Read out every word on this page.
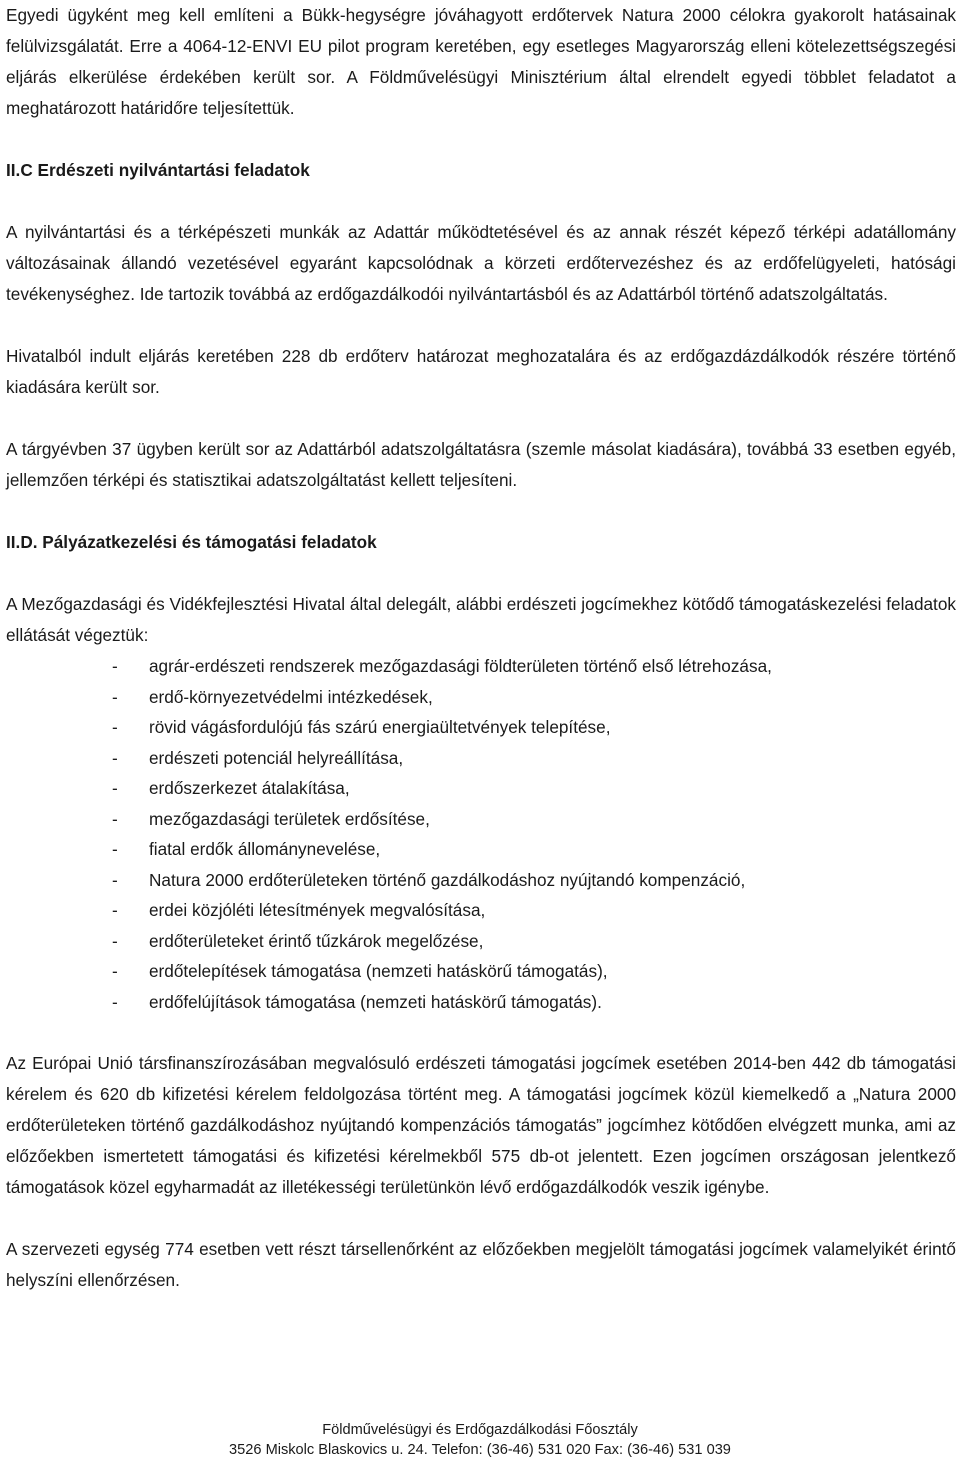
Egyedi ügyként meg kell említeni a Bükk-hegységre jóváhagyott erdőtervek Natura 2000 célokra gyakorolt hatásainak felülvizsgálatát. Erre a 4064-12-ENVI EU pilot program keretében, egy esetleges Magyarország elleni kötelezettségszegési eljárás elkerülése érdekében került sor. A Földművelésügyi Minisztérium által elrendelt egyedi többlet feladatot a meghatározott határidőre teljesítettük.

II.C Erdészeti nyilvántartási feladatok

A nyilvántartási és a térképészeti munkák az Adattár működtetésével és az annak részét képező térképi adatállomány változásainak állandó vezetésével egyaránt kapcsolódnak a körzeti erdőtervezéshez és az erdőfelügyeleti, hatósági tevékenységhez. Ide tartozik továbbá az erdőgazdálkodói nyilvántartásból és az Adattárból történő adatszolgáltatás.

Hivatalból indult eljárás keretében 228 db erdőterv határozat meghozatalára és az erdőgazdázdálkodók részére történő kiadására került sor.

A tárgyévben 37 ügyben került sor az Adattárból adatszolgáltatásra (szemle másolat kiadására), továbbá 33 esetben egyéb, jellemzően térképi és statisztikai adatszolgáltatást kellett teljesíteni.

II.D. Pályázatkezelési és támogatási feladatok

A Mezőgazdasági és Vidékfejlesztési Hivatal által delegált, alábbi erdészeti jogcímekhez kötődő támogatáskezelési feladatok ellátását végeztük:

- agrár-erdészeti rendszerek mezőgazdasági földterületen történő első létrehozása,
- erdő-környezetvédelmi intézkedések,
- rövid vágásfordulójú fás szárú energiaültetvények telepítése,
- erdészeti potenciál helyreállítása,
- erdőszerkezet átalakítása,
- mezőgazdasági területek erdősítése,
- fiatal erdők állománynevelése,
- Natura 2000 erdőterületeken történő gazdálkodáshoz nyújtandó kompenzáció,
- erdei közjóléti létesítmények megvalósítása,
- erdőterületeket érintő tűzkárok megelőzése,
- erdőtelepítések támogatása (nemzeti hatáskörű támogatás),
- erdőfelújítások támogatása (nemzeti hatáskörű támogatás).

Az Európai Unió társfinanszírozásában megvalósuló erdészeti támogatási jogcímek esetében 2014-ben 442 db támogatási kérelem és 620 db kifizetési kérelem feldolgozása történt meg. A támogatási jogcímek közül kiemelkedő a „Natura 2000 erdőterületeken történő gazdálkodáshoz nyújtandó kompenzációs támogatás” jogcímhez kötődően elvégzett munka, ami az előzőekben ismertetett támogatási és kifizetési kérelmekből 575 db-ot jelentett. Ezen jogcímen országosan jelentkező támogatások közel egyharmadát az illetékességi területünkön lévő erdőgazdálkodók veszik igénybe.

A szervezeti egység 774 esetben vett részt társellenőrként az előzőekben megjelölt támogatási jogcímek valamelyikét érintő helyszíni ellenőrzésen.

Földművelésügyi és Erdőgazdálkodási Főosztály
3526 Miskolc Blaskovics u. 24. Telefon: (36-46) 531 020 Fax: (36-46) 531 039
